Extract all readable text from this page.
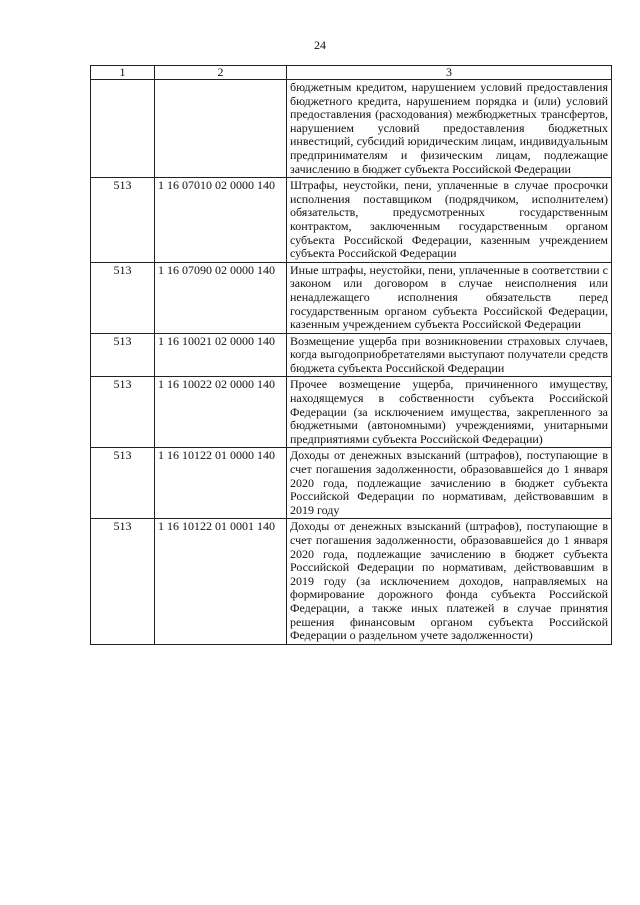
24
1	2	3
		бюджетным кредитом, нарушением условий предоставления бюджетного кредита, нарушением порядка и (или) условий предоставления (расходования) межбюджетных трансфертов, нарушением условий предоставления бюджетных инвестиций, субсидий юридическим лицам, индивидуальным предпринимателям и физическим лицам, подлежащие зачислению в бюджет субъекта Российской Федерации
513	1 16 07010 02 0000 140	Штрафы, неустойки, пени, уплаченные в случае просрочки исполнения поставщиком (подрядчиком, исполнителем) обязательств, предусмотренных государственным контрактом, заключенным государственным органом субъекта Российской Федерации, казенным учреждением субъекта Российской Федерации
513	1 16 07090 02 0000 140	Иные штрафы, неустойки, пени, уплаченные в соответствии с законом или договором в случае неисполнения или ненадлежащего исполнения обязательств перед государственным органом субъекта Российской Федерации, казенным учреждением субъекта Российской Федерации
513	1 16 10021 02 0000 140	Возмещение ущерба при возникновении страховых случаев, когда выгодоприобретателями выступают получатели средств бюджета субъекта Российской Федерации
513	1 16 10022 02 0000 140	Прочее возмещение ущерба, причиненного имуществу, находящемуся в собственности субъекта Российской Федерации (за исключением имущества, закрепленного за бюджетными (автономными) учреждениями, унитарными предприятиями субъекта Российской Федерации)
513	1 16 10122 01 0000 140	Доходы от денежных взысканий (штрафов), поступающие в счет погашения задолженности, образовавшейся до 1 января 2020 года, подлежащие зачислению в бюджет субъекта Российской Федерации по нормативам, действовавшим в 2019 году
513	1 16 10122 01 0001 140	Доходы от денежных взысканий (штрафов), поступающие в счет погашения задолженности, образовавшейся до 1 января 2020 года, подлежащие зачислению в бюджет субъекта Российской Федерации по нормативам, действовавшим в 2019 году (за исключением доходов, направляемых на формирование дорожного фонда субъекта Российской Федерации, а также иных платежей в случае принятия решения финансовым органом субъекта Российской Федерации о раздельном учете задолженности)
